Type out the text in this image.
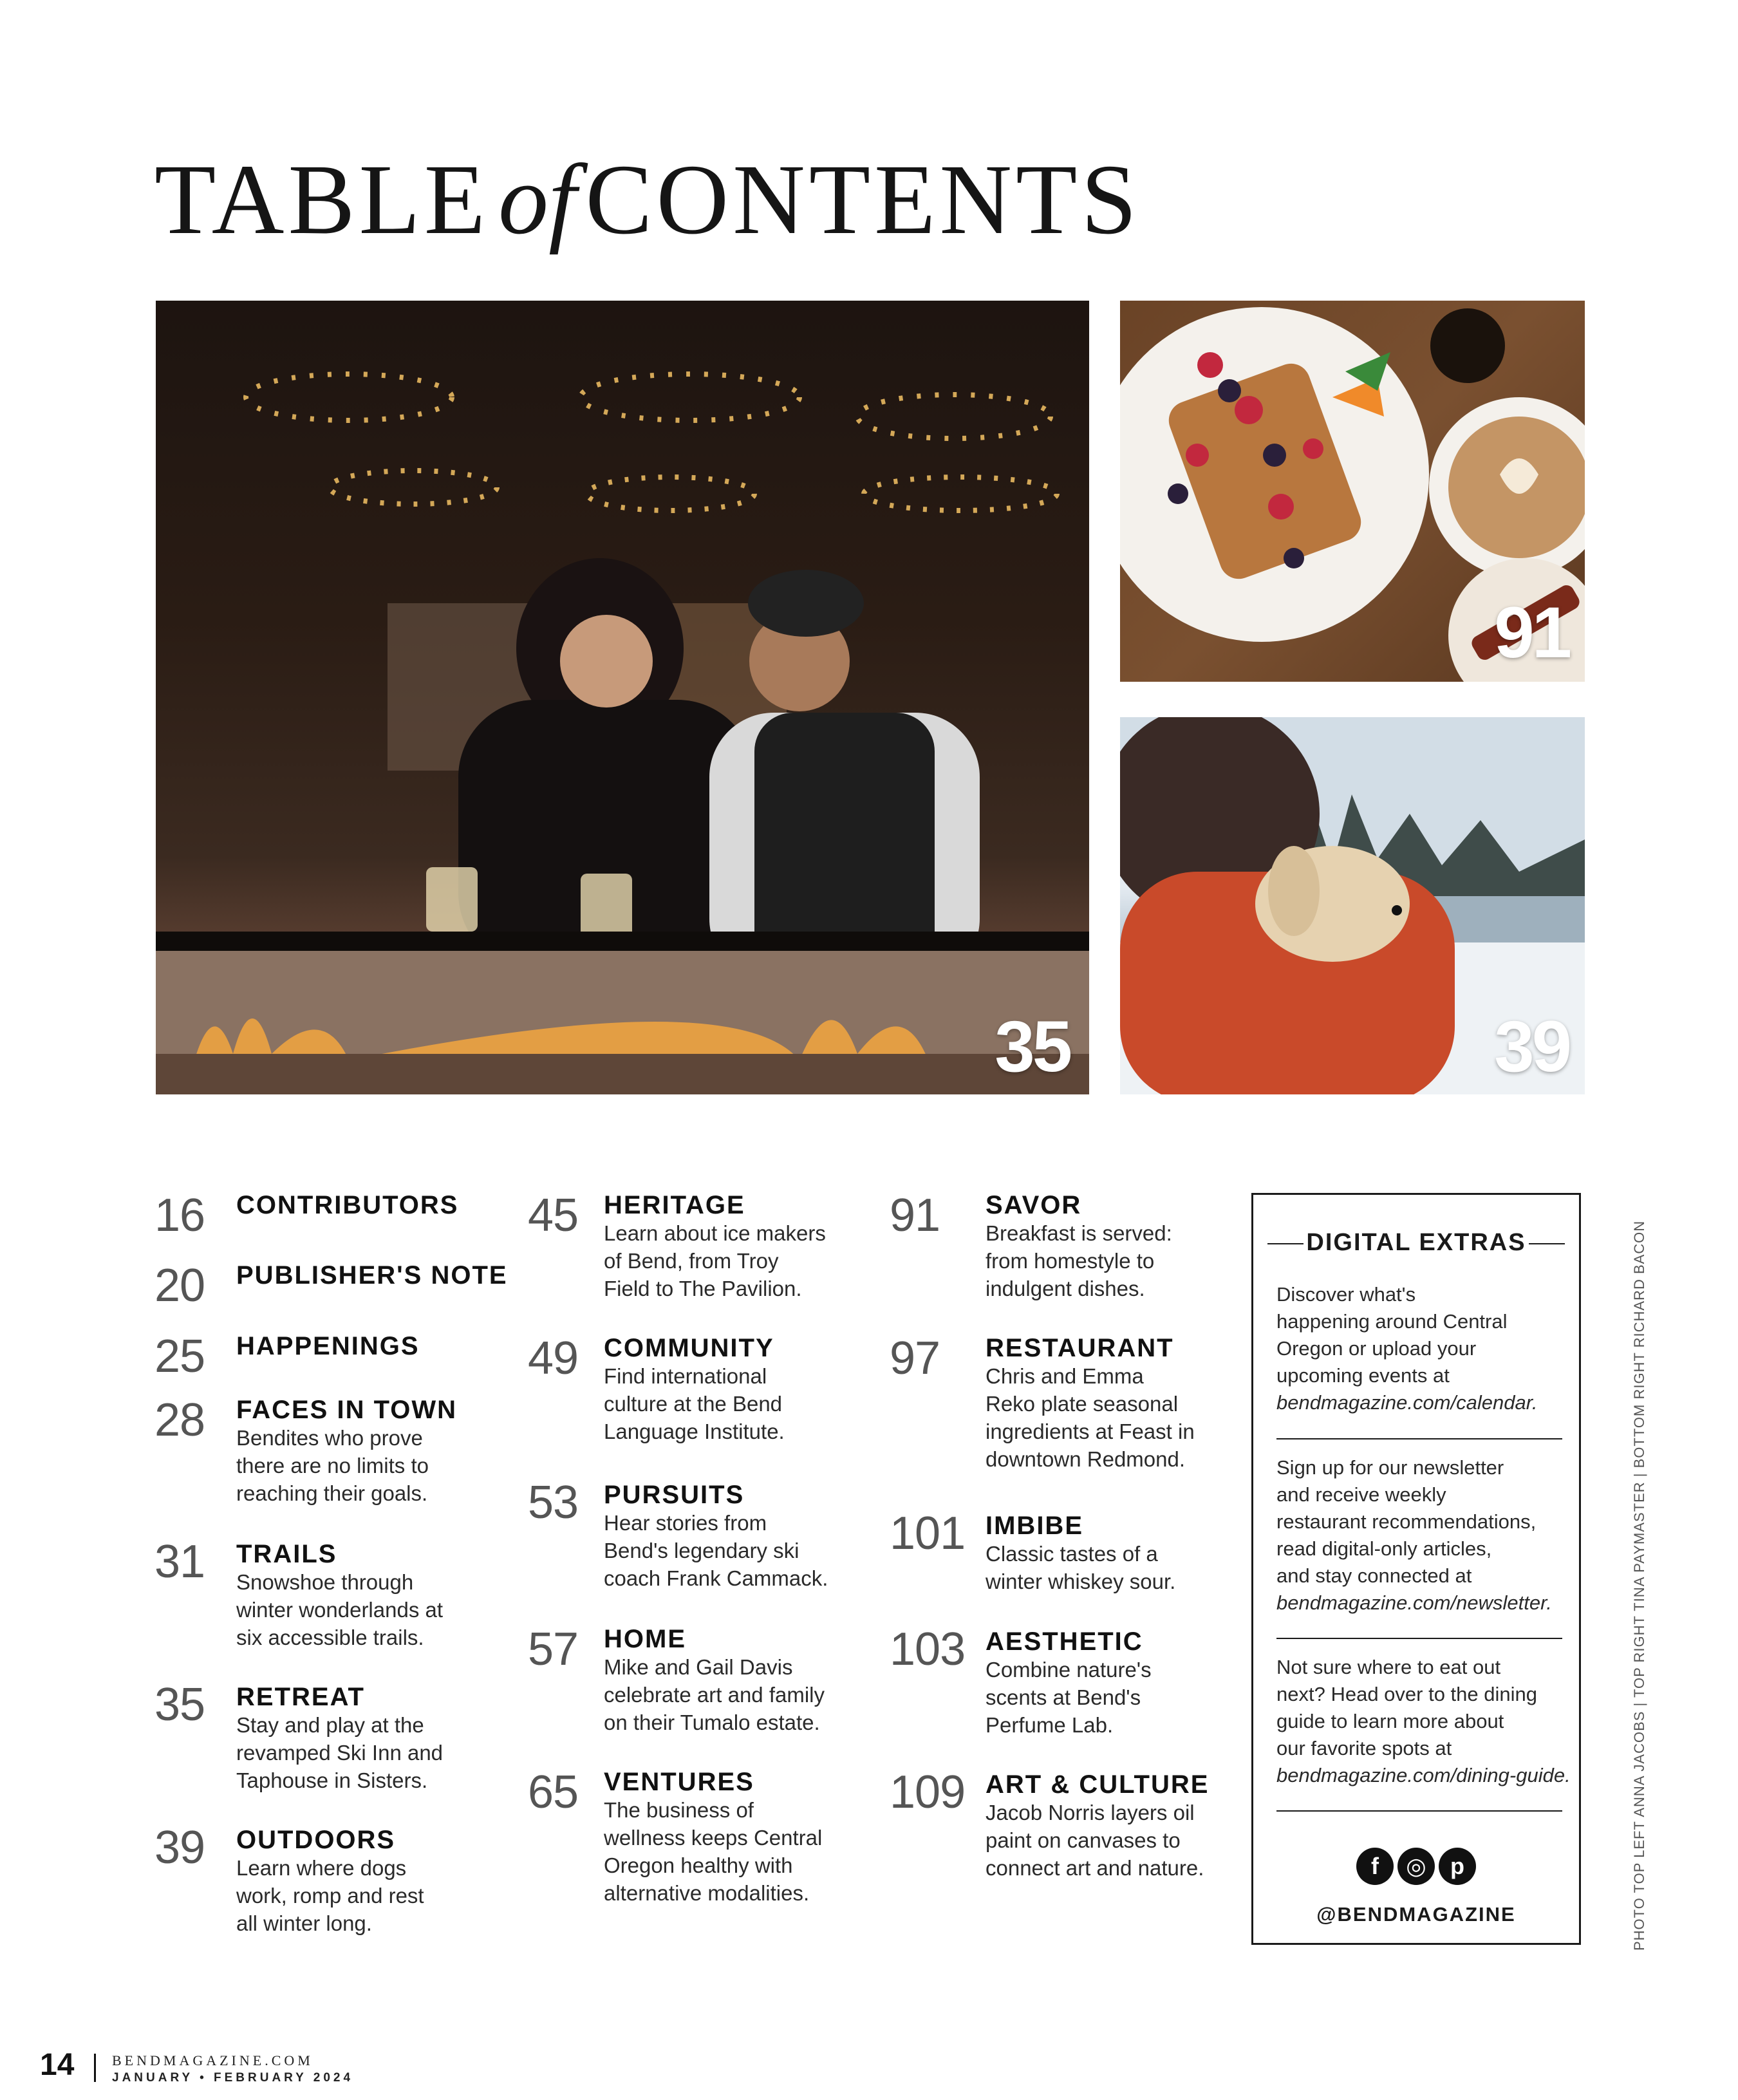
TABLEofCONTENTS
35
91
39
16 CONTRIBUTORS
20 PUBLISHER'S NOTE
25 HAPPENINGS
28 FACES IN TOWN
Bendites who prove
there are no limits to
reaching their goals.
31 TRAILS
Snowshoe through
winter wonderlands at
six accessible trails.
35 RETREAT
Stay and play at the
revamped Ski Inn and
Taphouse in Sisters.
39 OUTDOORS
Learn where dogs
work, romp and rest
all winter long.
45 HERITAGE
Learn about ice makers
of Bend, from Troy
Field to The Pavilion.
49 COMMUNITY
Find international
culture at the Bend
Language Institute.
53 PURSUITS
Hear stories from
Bend's legendary ski
coach Frank Cammack.
57 HOME
Mike and Gail Davis
celebrate art and family
on their Tumalo estate.
65 VENTURES
The business of
wellness keeps Central
Oregon healthy with
alternative modalities.
91 SAVOR
Breakfast is served:
from homestyle to
indulgent dishes.
97 RESTAURANT
Chris and Emma
Reko plate seasonal
ingredients at Feast in
downtown Redmond.
101 IMBIBE
Classic tastes of a
winter whiskey sour.
103 AESTHETIC
Combine nature's
scents at Bend's
Perfume Lab.
109 ART & CULTURE
Jacob Norris layers oil
paint on canvases to
connect art and nature.
DIGITAL EXTRAS
Discover what's
happening around Central
Oregon or upload your
upcoming events at
bendmagazine.com/calendar.
Sign up for our newsletter
and receive weekly
restaurant recommendations,
read digital-only articles,
and stay connected at
bendmagazine.com/newsletter.
Not sure where to eat out
next? Head over to the dining
guide to learn more about
our favorite spots at
bendmagazine.com/dining-guide.
f ◎ p
@BENDMAGAZINE	PHOTO TOP LEFT ANNA JACOBS | TOP RIGHT TINA PAYMASTER | BOTTOM RIGHT RICHARD BACON
14	BENDMAGAZINE.COM
JANUARY • FEBRUARY 2024
